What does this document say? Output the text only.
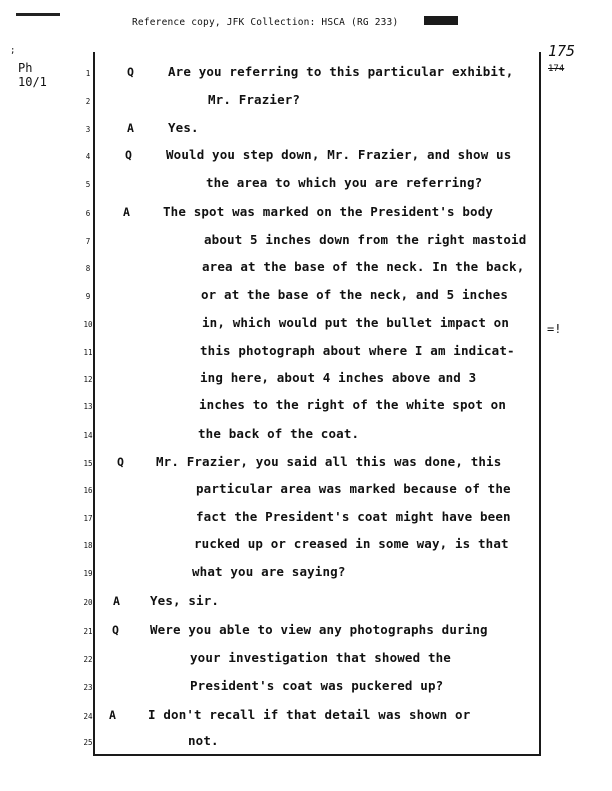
Reference copy, JFK Collection: HSCA (RG 233)
;
Ph
10/1
175
174
=!
1	Q	Are you referring to this particular exhibit,
2	Mr. Frazier?
3	A	Yes.
4	Q	Would you step down, Mr. Frazier, and show us
5	the area to which you are referring?
6	A	The spot was marked on the President's body
7	about 5 inches down from the right mastoid
8	area at the base of the neck. In the back,
9	or at the base of the neck, and 5 inches
10	in, which would put the bullet impact on
11	this photograph about where I am indicat-
12	ing here, about 4 inches above and 3
13	inches to the right of the white spot on
14	the back of the coat.
15	Q	Mr. Frazier, you said all this was done, this
16	particular area was marked because of the
17	fact the President's coat might have been
18	rucked up or creased in some way, is that
19	what you are saying?
20	A Yes, sir.
21	Q Were you able to view any photographs during
22	your investigation that showed the
23	President's coat was puckered up?
24	A	I don't recall if that detail was shown or
25	not.
